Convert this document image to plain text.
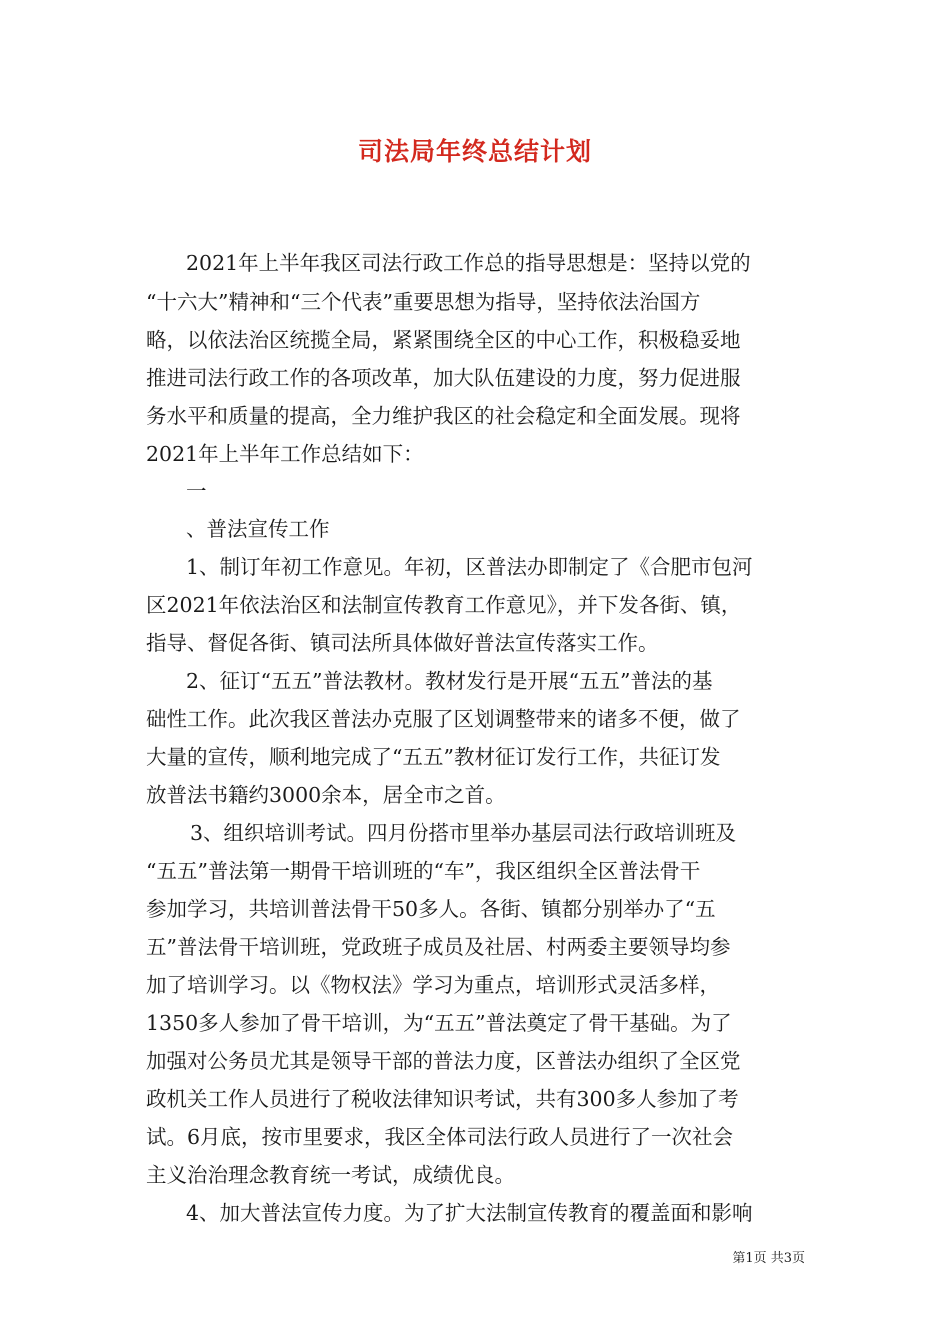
司法局年终总结计划
2021年上半年我区司法行政工作总的指导思想是：坚持以党的
“十六大”精神和“三个代表”重要思想为指导，坚持依法治国方
略，以依法治区统揽全局，紧紧围绕全区的中心工作，积极稳妥地
推进司法行政工作的各项改革，加大队伍建设的力度，努力促进服
务水平和质量的提高，全力维护我区的社会稳定和全面发展。现将
2021年上半年工作总结如下：
一
、普法宣传工作
1、制订年初工作意见。年初，区普法办即制定了《合肥市包河
区2021年依法治区和法制宣传教育工作意见》，并下发各街、镇，
指导、督促各街、镇司法所具体做好普法宣传落实工作。
2、征订“五五”普法教材。教材发行是开展“五五”普法的基
础性工作。此次我区普法办克服了区划调整带来的诸多不便，做了
大量的宣传，顺利地完成了“五五”教材征订发行工作，共征订发
放普法书籍约3000余本，居全市之首。
3、组织培训考试。四月份搭市里举办基层司法行政培训班及
“五五”普法第一期骨干培训班的“车”，我区组织全区普法骨干
参加学习，共培训普法骨干50多人。各街、镇都分别举办了“五
五”普法骨干培训班，党政班子成员及社居、村两委主要领导均参
加了培训学习。以《物权法》学习为重点，培训形式灵活多样，
1350多人参加了骨干培训，为“五五”普法奠定了骨干基础。为了
加强对公务员尤其是领导干部的普法力度，区普法办组织了全区党
政机关工作人员进行了税收法律知识考试，共有300多人参加了考
试。6月底，按市里要求，我区全体司法行政人员进行了一次社会
主义治治理念教育统一考试，成绩优良。
4、加大普法宣传力度。为了扩大法制宣传教育的覆盖面和影响
第1页 共3页
